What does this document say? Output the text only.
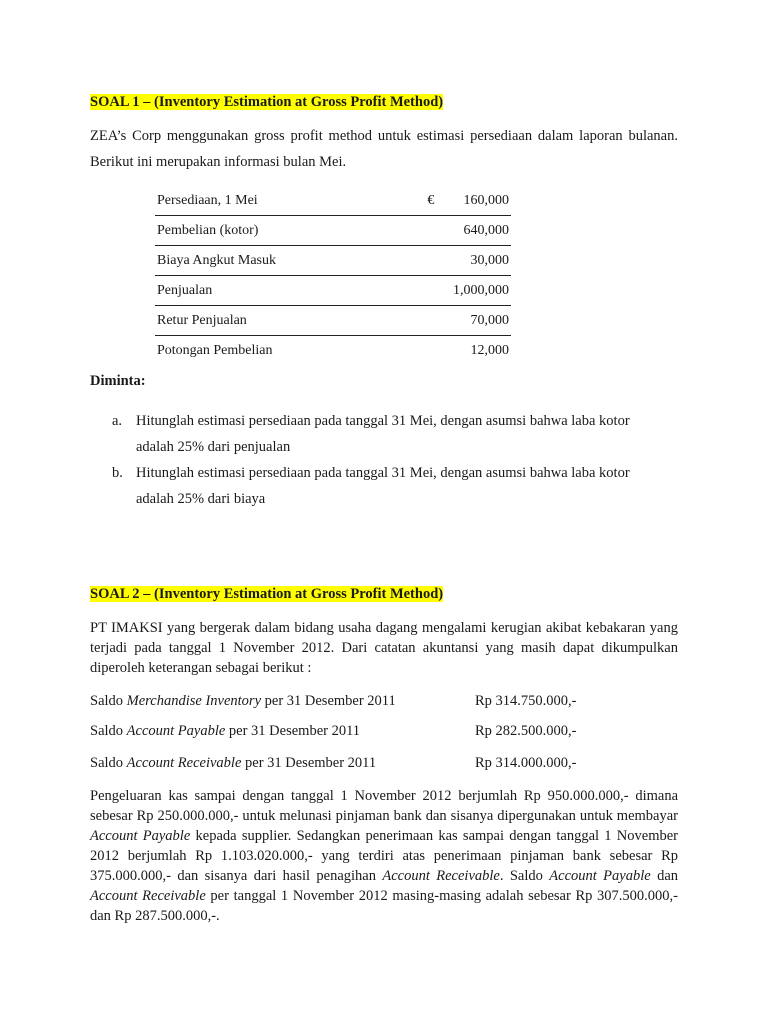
SOAL 1 – (Inventory Estimation at Gross Profit Method)
ZEA’s Corp menggunakan gross profit method untuk estimasi persediaan dalam laporan bulanan. Berikut ini merupakan informasi bulan Mei.
Persediaan, 1 Mei	€ 160,000
Pembelian (kotor)	640,000
Biaya Angkut Masuk	30,000
Penjualan	1,000,000
Retur Penjualan	70,000
Potongan Pembelian	12,000
Diminta:
a. Hitunglah estimasi persediaan pada tanggal 31 Mei, dengan asumsi bahwa laba kotor
adalah 25% dari penjualan
b. Hitunglah estimasi persediaan pada tanggal 31 Mei, dengan asumsi bahwa laba kotor
adalah 25% dari biaya
SOAL 2 – (Inventory Estimation at Gross Profit Method)
PT IMAKSI yang bergerak dalam bidang usaha dagang mengalami kerugian akibat kebakaran yang terjadi pada tanggal 1 November 2012. Dari catatan akuntansi yang masih dapat dikumpulkan diperoleh keterangan sebagai berikut :
Saldo Merchandise Inventory per 31 Desember 2011	Rp 314.750.000,-
Saldo Account Payable per 31 Desember 2011	Rp 282.500.000,-
Saldo Account Receivable per 31 Desember 2011	Rp 314.000.000,-
Pengeluaran kas sampai dengan tanggal 1 November 2012 berjumlah Rp 950.000.000,- dimana sebesar Rp 250.000.000,- untuk melunasi pinjaman bank dan sisanya dipergunakan untuk membayar Account Payable kepada supplier. Sedangkan penerimaan kas sampai dengan tanggal 1 November 2012 berjumlah Rp 1.103.020.000,- yang terdiri atas penerimaan pinjaman bank sebesar Rp 375.000.000,- dan sisanya dari hasil penagihan Account Receivable. Saldo Account Payable dan Account Receivable per tanggal 1 November 2012 masing-masing adalah sebesar Rp 307.500.000,- dan Rp 287.500.000,-.
